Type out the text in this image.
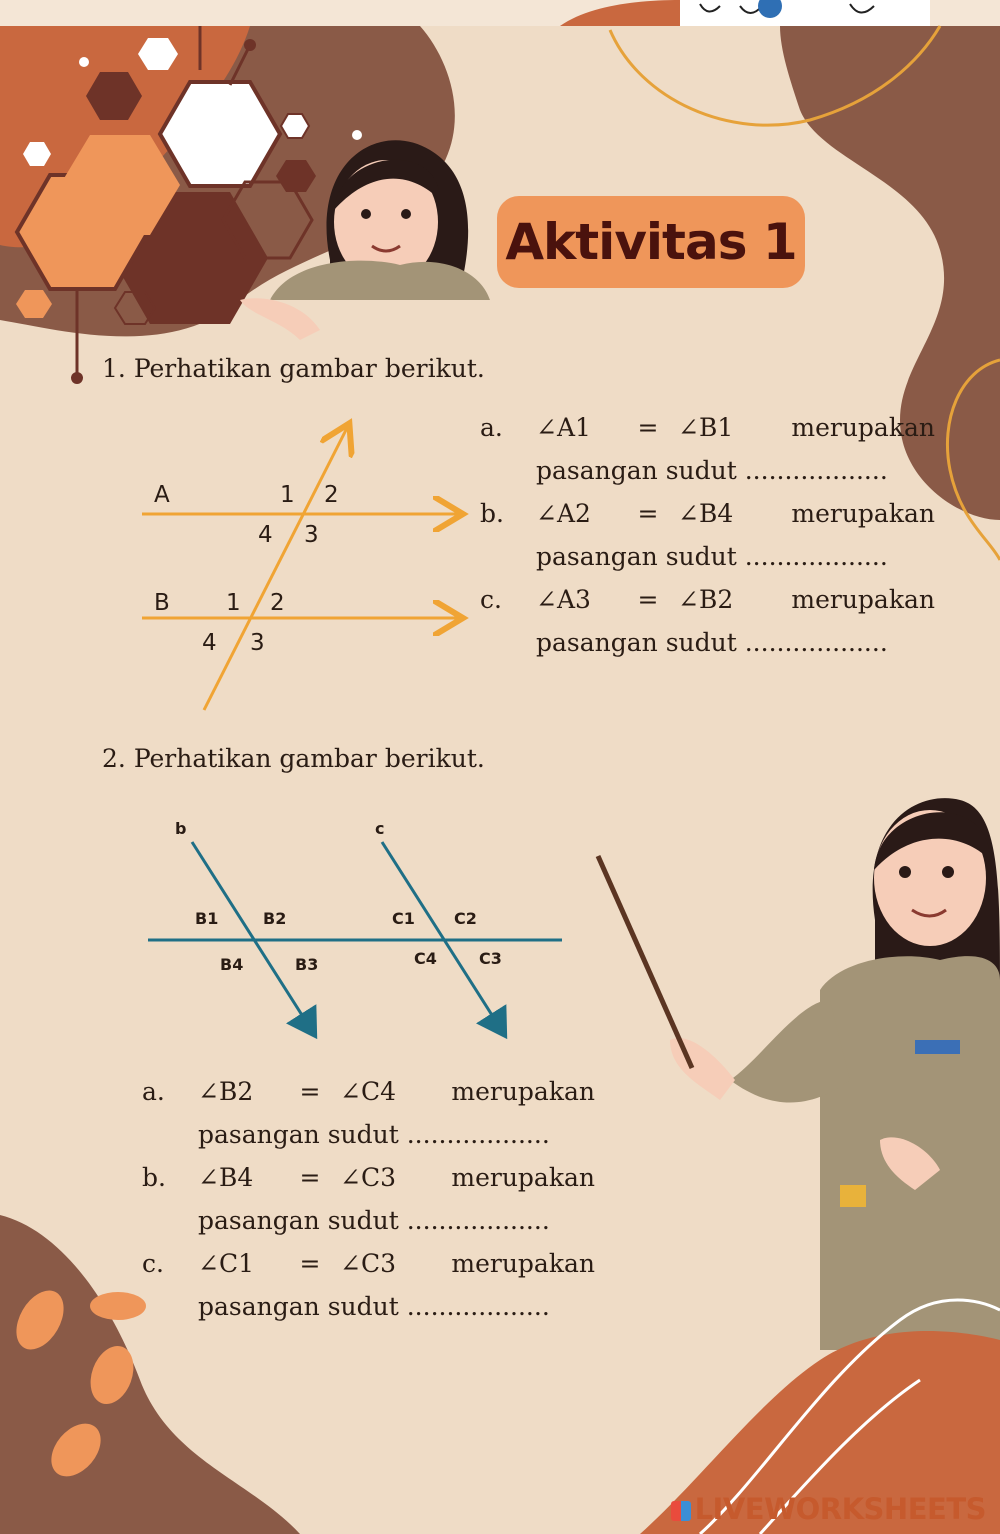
Aktivitas 1
1. Perhatikan gambar berikut.
A
B
1 2
4 3
1 2
4 3
a.	∠A1	= ∠B1	merupakan
pasangan sudut ..................
b.	∠A2	= ∠B4	merupakan
pasangan sudut ..................
c.	∠A3	= ∠B2	merupakan
pasangan sudut ..................
2. Perhatikan gambar berikut.
b	c
B1	B2
B4	B3
C1 C2
C4	C3
a.	∠B2	= ∠C4	merupakan
pasangan sudut ..................
b.	∠B4	= ∠C3	merupakan
pasangan sudut ..................
c.	∠C1	= ∠C3	merupakan
pasangan sudut ..................
LIVEWORKSHEETS
